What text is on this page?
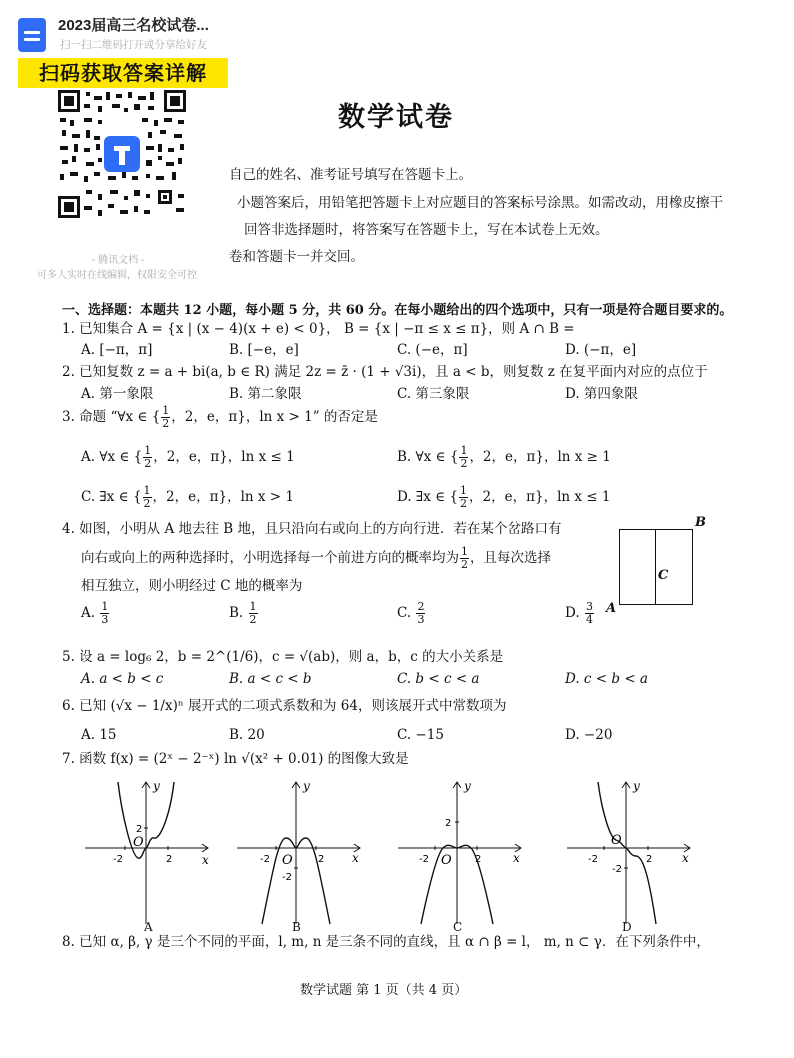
2023届高三名校试卷...
扫一扫二维码打开或分享给好友
扫码获取答案详解
- 腾讯文档 -
可多人实时在线编辑，权限安全可控
数学试卷
自己的姓名、准考证号填写在答题卡上。
小题答案后，用铅笔把答题卡上对应题目的答案标号涂黑。如需改动，用橡皮擦干
回答非选择题时，将答案写在答题卡上，写在本试卷上无效。
卷和答题卡一并交回。
一、选择题：本题共 12 小题，每小题 5 分，共 60 分。在每小题给出的四个选项中，只有一项是符合题目要求的。
1. 已知集合 A = {x | (x − 4)(x + e) < 0}， B = {x | −π ≤ x ≤ π}，则 A ∩ B =
A. [−π，π]	B. [−e，e]	C. (−e，π]	D. (−π，e]
2. 已知复数 z = a + bi(a, b ∈ R) 满足 2z = z̄ · (1 + √3i)，且 a < b，则复数 z 在复平面内对应的点位于
A. 第一象限	B. 第二象限	C. 第三象限	D. 第四象限
3. 命题 “∀x ∈ { $\frac{1}{2}$ ，2，e，π}，ln x > 1” 的否定是
A. ∀x ∈ { $\frac{1}{2}$ ，2，e，π}，ln x ≤ 1	B. ∀x ∈ { $\frac{1}{2}$ ，2，e，π}，ln x ≥ 1
C. ∃x ∈ { $\frac{1}{2}$ ，2，e，π}，ln x > 1	D. ∃x ∈ { $\frac{1}{2}$ ，2，e，π}，ln x ≤ 1
4. 如图，小明从 A 地去往 B 地，且只沿向右或向上的方向行进．若在某个岔路口有
向右或向上的两种选择时，小明选择每一个前进方向的概率均为 $\frac{1}{2}$ ，且每次选择
相互独立，则小明经过 C 地的概率为
A. $\frac{1}{3}$	B. $\frac{1}{2}$	C. $\frac{2}{3}$	D. $\frac{3}{4}$
B
C
A
5. 设 a = log₆ 2，b = 2^(1/6)，c = √(ab)，则 a，b，c 的大小关系是
A. a < b < c	B. a < c < b	C. b < c < a	D. c < b < a
6. 已知 (√x − 1/x)ⁿ 展开式的二项式系数和为 64，则该展开式中常数项为
A. 15	B. 20	C. −15	D. −20
7. 函数 f(x) = (2ˣ − 2⁻ˣ) ln √(x² + 0.01) 的图像大致是
y
x
O
-2	2
2
A
y
x
O
-2	2
-2
B
y
x
O
-2	2
2
C
y
x
O
-2	2
-2
D
8. 已知 α, β, γ 是三个不同的平面，l, m, n 是三条不同的直线，且 α ∩ β = l， m, n ⊂ γ．在下列条件中，
数学试题 第 1 页（共 4 页）
